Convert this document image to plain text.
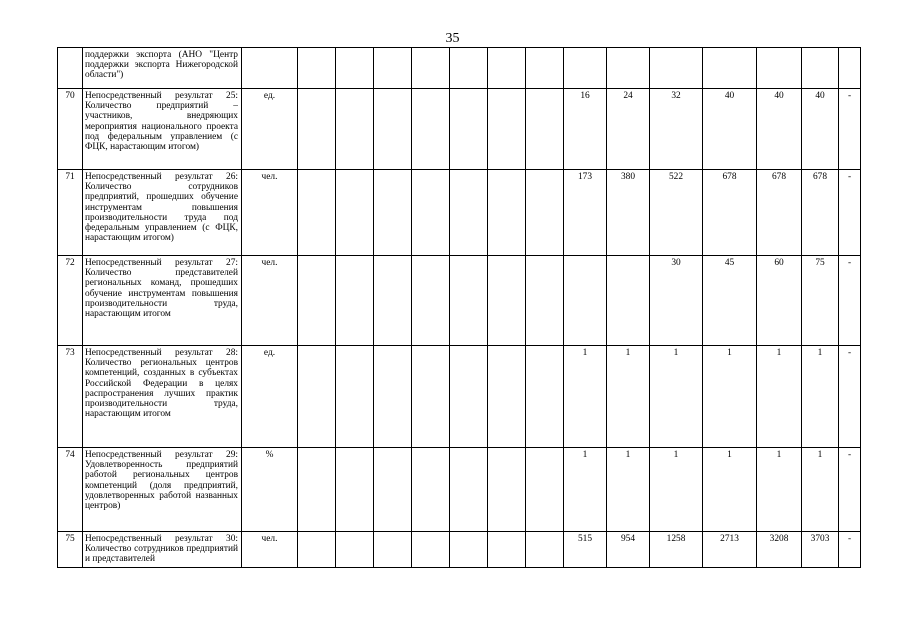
35
	поддержки экспорта (АНО "Центр поддержки экспорта Нижегородской области")																
70	Непосредственный результат 25: Количество предприятий – участников, внедряющих мероприятия национального проекта под федеральным управлением (с ФЦК, нарастающим итогом)	ед.								16	24	32	40	40	40	-	
71	Непосредственный результат 26: Количество сотрудников предприятий, прошедших обучение инструментам повышения производительности труда под федеральным управлением (с ФЦК, нарастающим итогом)	чел.								173	380	522	678	678	678	-	
72	Непосредственный результат 27: Количество представителей региональных команд, прошедших обучение инструментам повышения производительности труда, нарастающим итогом	чел.										30	45	60	75	-	
73	Непосредственный результат 28: Количество региональных центров компетенций, созданных в субъектах Российской Федерации в целях распространения лучших практик производительности труда, нарастающим итогом	ед.								1	1	1	1	1	1	-	
74	Непосредственный результат 29: Удовлетворенность предприятий работой региональных центров компетенций (доля предприятий, удовлетворенных работой названных центров)	%								1	1	1	1	1	1	-	
75	Непосредственный результат 30: Количество сотрудников предприятий и представителей	чел.								515	954	1258	2713	3208	3703	-	
